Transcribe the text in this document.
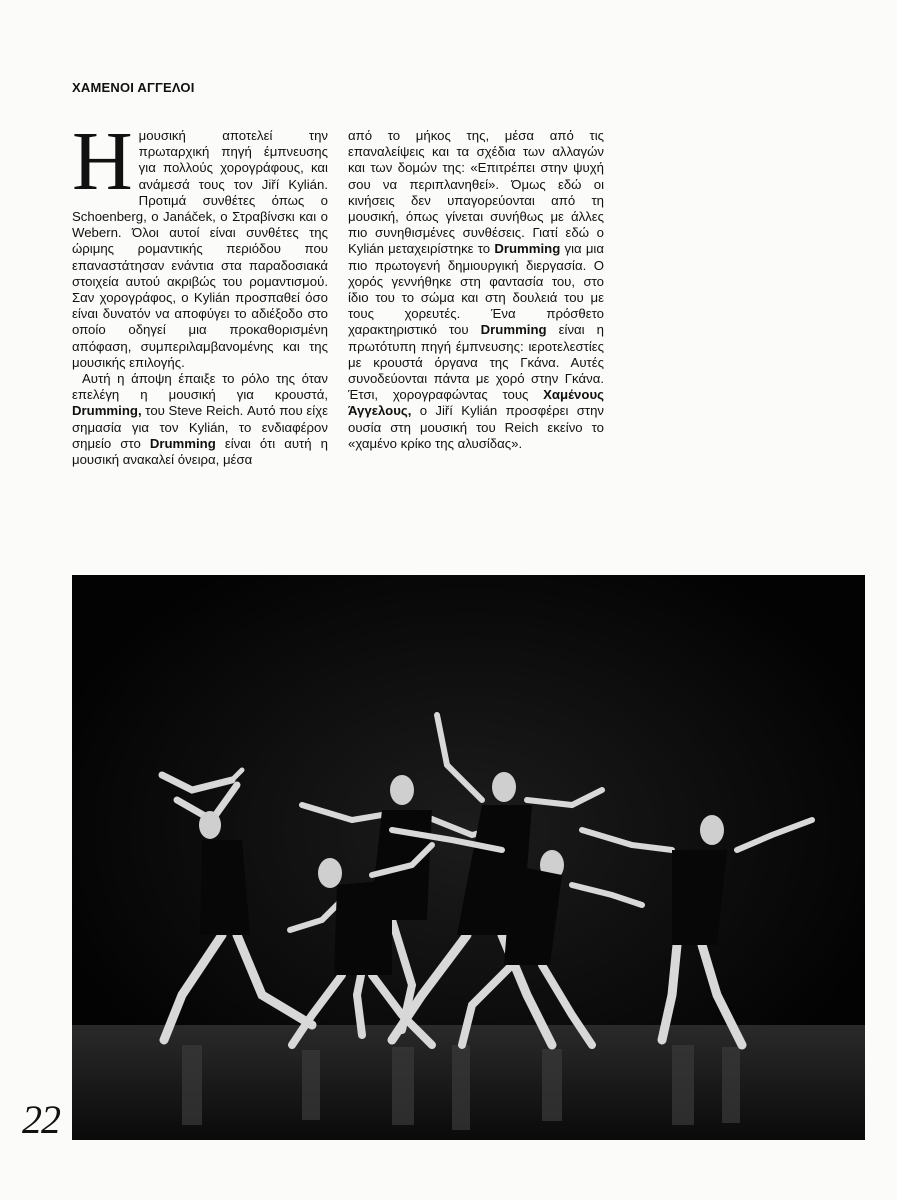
ΧΑΜΕΝΟΙ ΑΓΓΕΛΟΙ

Ημουσική αποτελεί την πρωταρχική πηγή έμπνευσης για πολλούς χορογράφους, και ανάμεσά τους τον Jiří Kylián. Προτιμά συνθέτες όπως ο Schoenberg, ο Janáček, ο Στραβίνσκι και ο Webern. Όλοι αυτοί είναι συνθέτες της ώριμης ρομαντικής περιόδου που επαναστάτησαν ενάντια στα παραδοσιακά στοιχεία αυτού ακριβώς του ρομαντισμού. Σαν χορογράφος, ο Kylián προσπαθεί όσο είναι δυνατόν να αποφύγει το αδιέξοδο στο οποίο οδηγεί μια προκαθορισμένη απόφαση, συμπεριλαμβανομένης και της μουσικής επιλογής.

Αυτή η άποψη έπαιξε το ρόλο της όταν επελέγη η μουσική για κρουστά, Drumming, του Steve Reich. Αυτό που είχε σημασία για τον Kylián, το ενδιαφέρον σημείο στο Drumming είναι ότι αυτή η μουσική ανακαλεί όνειρα, μέσα

από το μήκος της, μέσα από τις επαναλείψεις και τα σχέδια των αλλαγών και των δομών της: «Επιτρέπει στην ψυχή σου να περιπλανηθεί». Όμως εδώ οι κινήσεις δεν υπαγορεύονται από τη μουσική, όπως γίνεται συνήθως με άλλες πιο συνηθισμένες συνθέσεις. Γιατί εδώ ο Kylián μεταχειρίστηκε το Drumming για μια πιο πρωτογενή δημιουργική διεργασία. Ο χορός γεννήθηκε στη φαντασία του, στο ίδιο του το σώμα και στη δουλειά του με τους χορευτές. Ένα πρόσθετο χαρακτηριστικό του Drumming είναι η πρωτότυπη πηγή έμπνευσης: ιεροτελεστίες με κρουστά όργανα της Γκάνα. Αυτές συνοδεύονται πάντα με χορό στην Γκάνα. Έτσι, χορογραφώντας τους Χαμένους Άγγελους, ο Jiří Kylián προσφέρει στην ουσία στη μουσική του Reich εκείνο το «χαμένο κρίκο της αλυσίδας».

22
